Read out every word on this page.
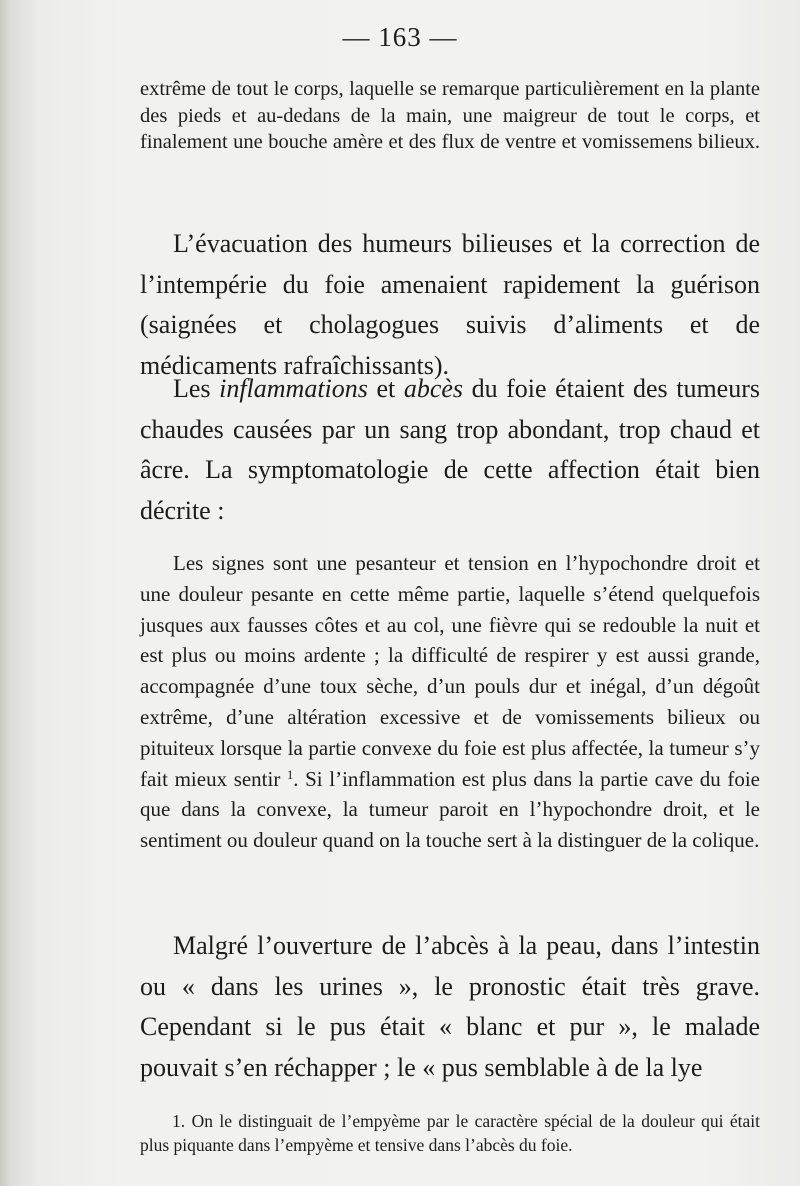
— 163 —
extrême de tout le corps, laquelle se remarque particulièrement en la plante des pieds et au-dedans de la main, une maigreur de tout le corps, et finalement une bouche amère et des flux de ventre et vomissemens bilieux.
L’évacuation des humeurs bilieuses et la correction de l’intempérie du foie amenaient rapidement la guérison (saignées et cholagogues suivis d’aliments et de médicaments rafraîchissants).
Les inflammations et abcès du foie étaient des tumeurs chaudes causées par un sang trop abondant, trop chaud et âcre. La symptomatologie de cette affection était bien décrite :
Les signes sont une pesanteur et tension en l’hypochondre droit et une douleur pesante en cette même partie, laquelle s’étend quelquefois jusques aux fausses côtes et au col, une fièvre qui se redouble la nuit et est plus ou moins ardente ; la difficulté de respirer y est aussi grande, accompagnée d’une toux sèche, d’un pouls dur et inégal, d’un dégoût extrême, d’une altération excessive et de vomissements bilieux ou pituiteux lorsque la partie convexe du foie est plus affectée, la tumeur s’y fait mieux sentir $^1$. Si l’inflammation est plus dans la partie cave du foie que dans la convexe, la tumeur paroit en l’hypochondre droit, et le sentiment ou douleur quand on la touche sert à la distinguer de la colique.
Malgré l’ouverture de l’abcès à la peau, dans l’intestin ou « dans les urines », le pronostic était très grave. Cependant si le pus était « blanc et pur », le malade pouvait s’en réchapper ; le « pus semblable à de la lye
1. On le distinguait de l’empyème par le caractère spécial de la douleur qui était plus piquante dans l’empyème et tensive dans l’abcès du foie.
